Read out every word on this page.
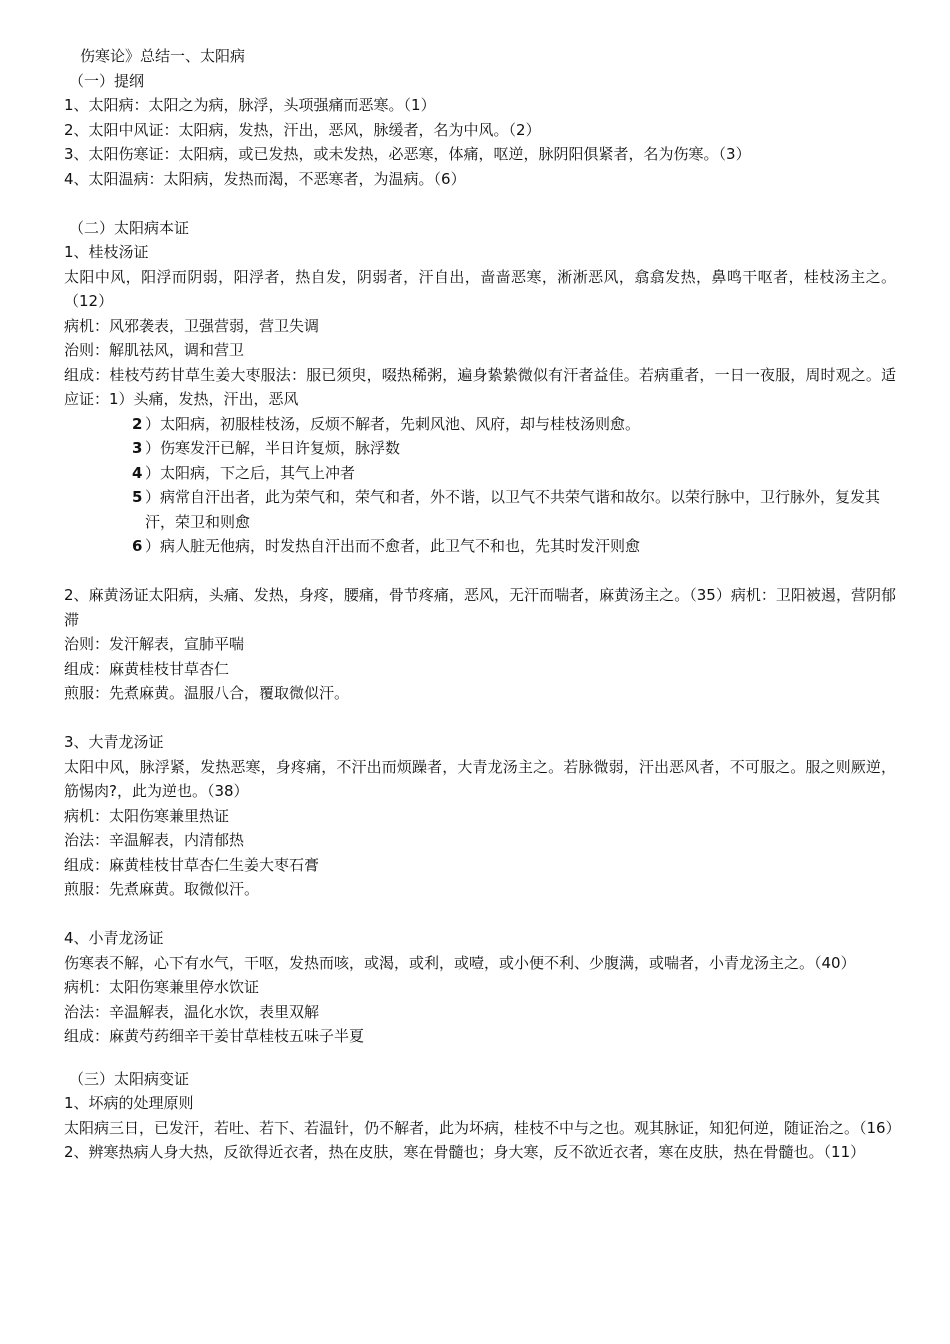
伤寒论》总结一、太阳病
（一）提纲
1、太阳病：太阳之为病，脉浮，头项强痛而恶寒。（1）
2、太阳中风证：太阳病，发热，汗出，恶风，脉缓者，名为中风。（2）
3、太阳伤寒证：太阳病，或已发热，或未发热，必恶寒，体痛，呕逆，脉阴阳俱紧者，名为伤寒。（3）
4、太阳温病：太阳病，发热而渴，不恶寒者，为温病。（6）
（二）太阳病本证
1、桂枝汤证
太阳中风，阳浮而阴弱，阳浮者，热自发，阴弱者，汗自出，啬啬恶寒，淅淅恶风，翕翕发热，鼻鸣干呕者，桂枝汤主之。（12）
病机：风邪袭表，卫强营弱，营卫失调
治则：解肌祛风，调和营卫
组成：桂枝芍药甘草生姜大枣服法：服已须臾，啜热稀粥，遍身絷絷微似有汗者益佳。若病重者，一日一夜服，周时观之。适应证：1）头痛，发热，汗出，恶风
2 ）太阳病，初服桂枝汤，反烦不解者，先刺风池、风府，却与桂枝汤则愈。
3 ）伤寒发汗已解，半日许复烦，脉浮数
4 ）太阳病，下之后，其气上冲者
5 ）病常自汗出者，此为荣气和，荣气和者，外不谐，以卫气不共荣气谐和故尔。以荣行脉中，卫行脉外，复发其汗，荣卫和则愈
6 ）病人脏无他病，时发热自汗出而不愈者，此卫气不和也，先其时发汗则愈
2、麻黄汤证太阳病，头痛、发热，身疼，腰痛，骨节疼痛，恶风，无汗而喘者，麻黄汤主之。（35）病机：卫阳被遏，营阴郁滞
治则：发汗解表，宣肺平喘
组成：麻黄桂枝甘草杏仁
煎服：先煮麻黄。温服八合，覆取微似汗。
3、大青龙汤证
太阳中风，脉浮紧，发热恶寒，身疼痛，不汗出而烦躁者，大青龙汤主之。若脉微弱，汗出恶风者，不可服之。服之则厥逆，筋惕肉?，此为逆也。（38）
病机：太阳伤寒兼里热证
治法：辛温解表，内清郁热
组成：麻黄桂枝甘草杏仁生姜大枣石膏
煎服：先煮麻黄。取微似汗。
4、小青龙汤证
伤寒表不解，心下有水气，干呕，发热而咳，或渴，或利，或噎，或小便不利、少腹满，或喘者，小青龙汤主之。（40）
病机：太阳伤寒兼里停水饮证
治法：辛温解表，温化水饮，表里双解
组成：麻黄芍药细辛干姜甘草桂枝五味子半夏
（三）太阳病变证
1、坏病的处理原则
太阳病三日，已发汗，若吐、若下、若温针，仍不解者，此为坏病，桂枝不中与之也。观其脉证，知犯何逆，随证治之。（16）
2、辨寒热病人身大热，反欲得近衣者，热在皮肤，寒在骨髓也；身大寒，反不欲近衣者，寒在皮肤，热在骨髓也。（11）
